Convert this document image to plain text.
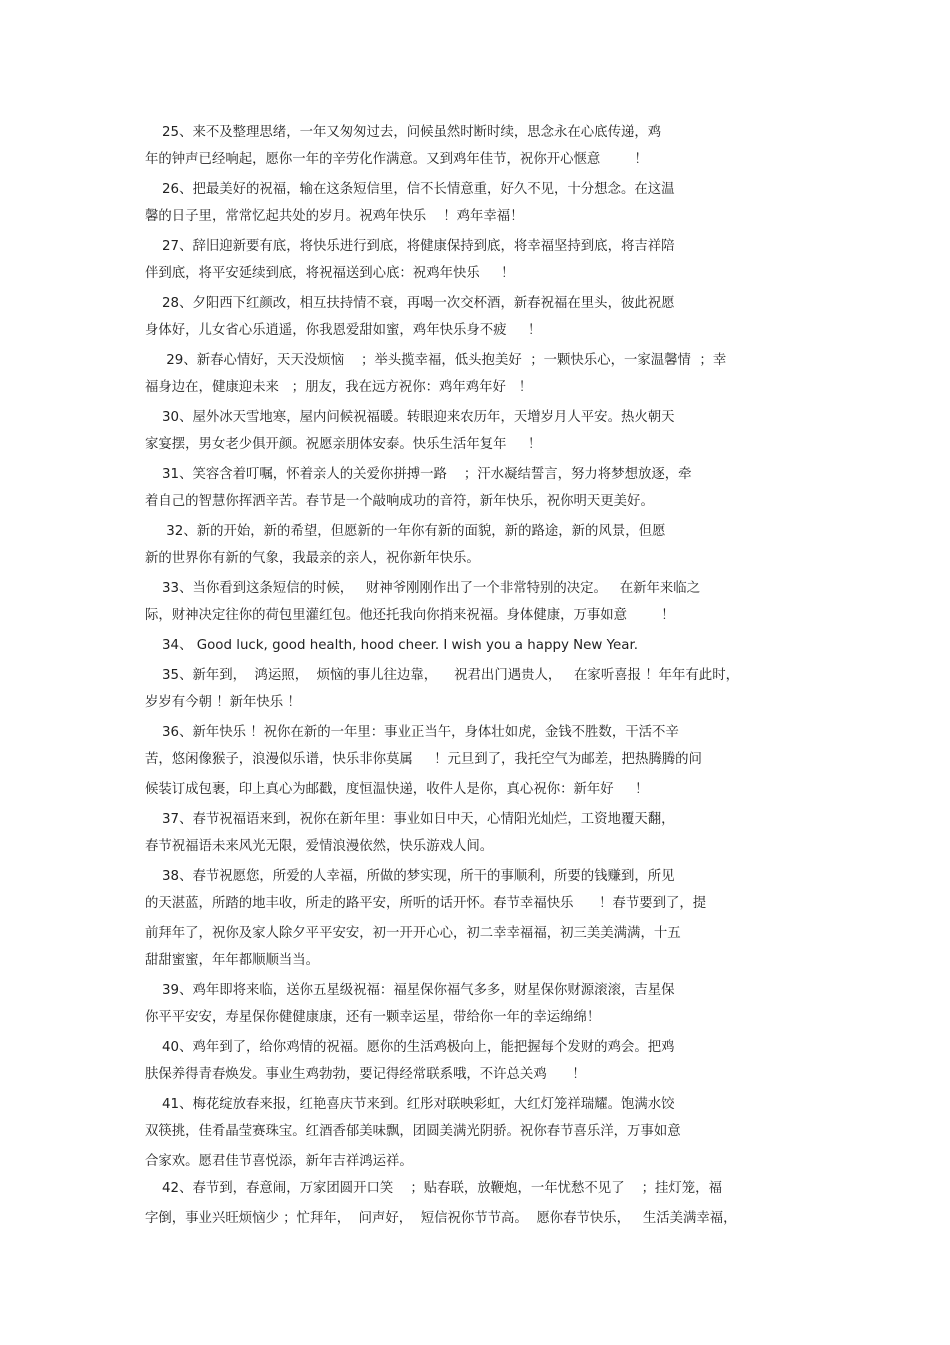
25、来不及整理思绪，一年又匆匆过去，问候虽然时断时续，思念永在心底传递，鸡
年的钟声已经响起，愿你一年的辛劳化作满意。又到鸡年佳节，祝你开心惬意        ！
26、把最美好的祝福，输在这条短信里，信不长情意重，好久不见，十分想念。在这温
馨的日子里，常常忆起共处的岁月。祝鸡年快乐    ！鸡年幸福！
27、辞旧迎新要有底，将快乐进行到底，将健康保持到底，将幸福坚持到底，将吉祥陪
伴到底，将平安延续到底，将祝福送到心底：祝鸡年快乐     ！
28、夕阳西下红颜改，相互扶持情不衰，再喝一次交杯酒，新春祝福在里头，彼此祝愿
身体好，儿女省心乐逍遥，你我恩爱甜如蜜，鸡年快乐身不疲     ！
29、新春心情好，天天没烦恼    ；举头揽幸福，低头抱美好  ；一颗快乐心，一家温馨情  ；幸
福身边在，健康迎未来   ；朋友，我在远方祝你：鸡年鸡年好   ！
30、屋外冰天雪地寒，屋内问候祝福暖。转眼迎来农历年，天增岁月人平安。热火朝天
家宴摆，男女老少俱开颜。祝愿亲朋体安泰。快乐生活年复年     ！
31、笑容含着叮嘱，怀着亲人的关爱你拼搏一路    ；汗水凝结誓言，努力将梦想放逐，牵
着自己的智慧你挥洒辛苦。春节是一个敲响成功的音符，新年快乐，祝你明天更美好。
32、新的开始，新的希望，但愿新的一年你有新的面貌，新的路途，新的风景，但愿
新的世界你有新的气象，我最亲的亲人，祝你新年快乐。
33、当你看到这条短信的时候，   财神爷刚刚作出了一个非常特别的决定。   在新年来临之
际，财神决定往你的荷包里灌红包。他还托我向你捎来祝福。身体健康，万事如意        ！
34、 Good luck, good health, hood cheer. I wish you a happy New Year.
35、新年到，  鸿运照，  烦恼的事儿往边靠，    祝君出门遇贵人，   在家听喜报 ！年年有此时，
岁岁有今朝 ！新年快乐 ！
36、新年快乐 ！祝你在新的一年里：事业正当午，身体壮如虎，金钱不胜数，干活不辛
苦，悠闲像猴子，浪漫似乐谱，快乐非你莫属     ！元旦到了，我托空气为邮差，把热腾腾的问
候装订成包裹，印上真心为邮戳，度恒温快递，收件人是你，真心祝你：新年好     ！
37、春节祝福语来到，祝你在新年里：事业如日中天，心情阳光灿烂，工资地覆天翻，
春节祝福语未来风光无限，爱情浪漫依然，快乐游戏人间。
38、春节祝愿您，所爱的人幸福，所做的梦实现，所干的事顺利，所要的钱赚到，所见
的天湛蓝，所踏的地丰收，所走的路平安，所听的话开怀。春节幸福快乐      ！春节要到了，提
前拜年了，祝你及家人除夕平平安安，初一开开心心，初二幸幸福福，初三美美满满，十五
甜甜蜜蜜，年年都顺顺当当。
39、鸡年即将来临，送你五星级祝福：福星保你福气多多，财星保你财源滚滚，吉星保
你平平安安，寿星保你健健康康，还有一颗幸运星，带给你一年的幸运绵绵！
40、鸡年到了，给你鸡情的祝福。愿你的生活鸡极向上，能把握每个发财的鸡会。把鸡
肤保养得青春焕发。事业生鸡勃勃，要记得经常联系哦，不许总关鸡      ！
41、梅花绽放春来报，红艳喜庆节来到。红彤对联映彩虹，大红灯笼祥瑞耀。饱满水饺
双筷挑，佳肴晶莹赛珠宝。红酒香郁美味飘，团圆美满光阴骄。祝你春节喜乐洋，万事如意
合家欢。愿君佳节喜悦添，新年吉祥鸿运祥。
42、春节到，春意闹，万家团圆开口笑    ；贴春联，放鞭炮，一年忧愁不见了    ；挂灯笼，福
字倒，事业兴旺烦恼少 ；忙拜年，  问声好，  短信祝你节节高。  愿你春节快乐，   生活美满幸福，
